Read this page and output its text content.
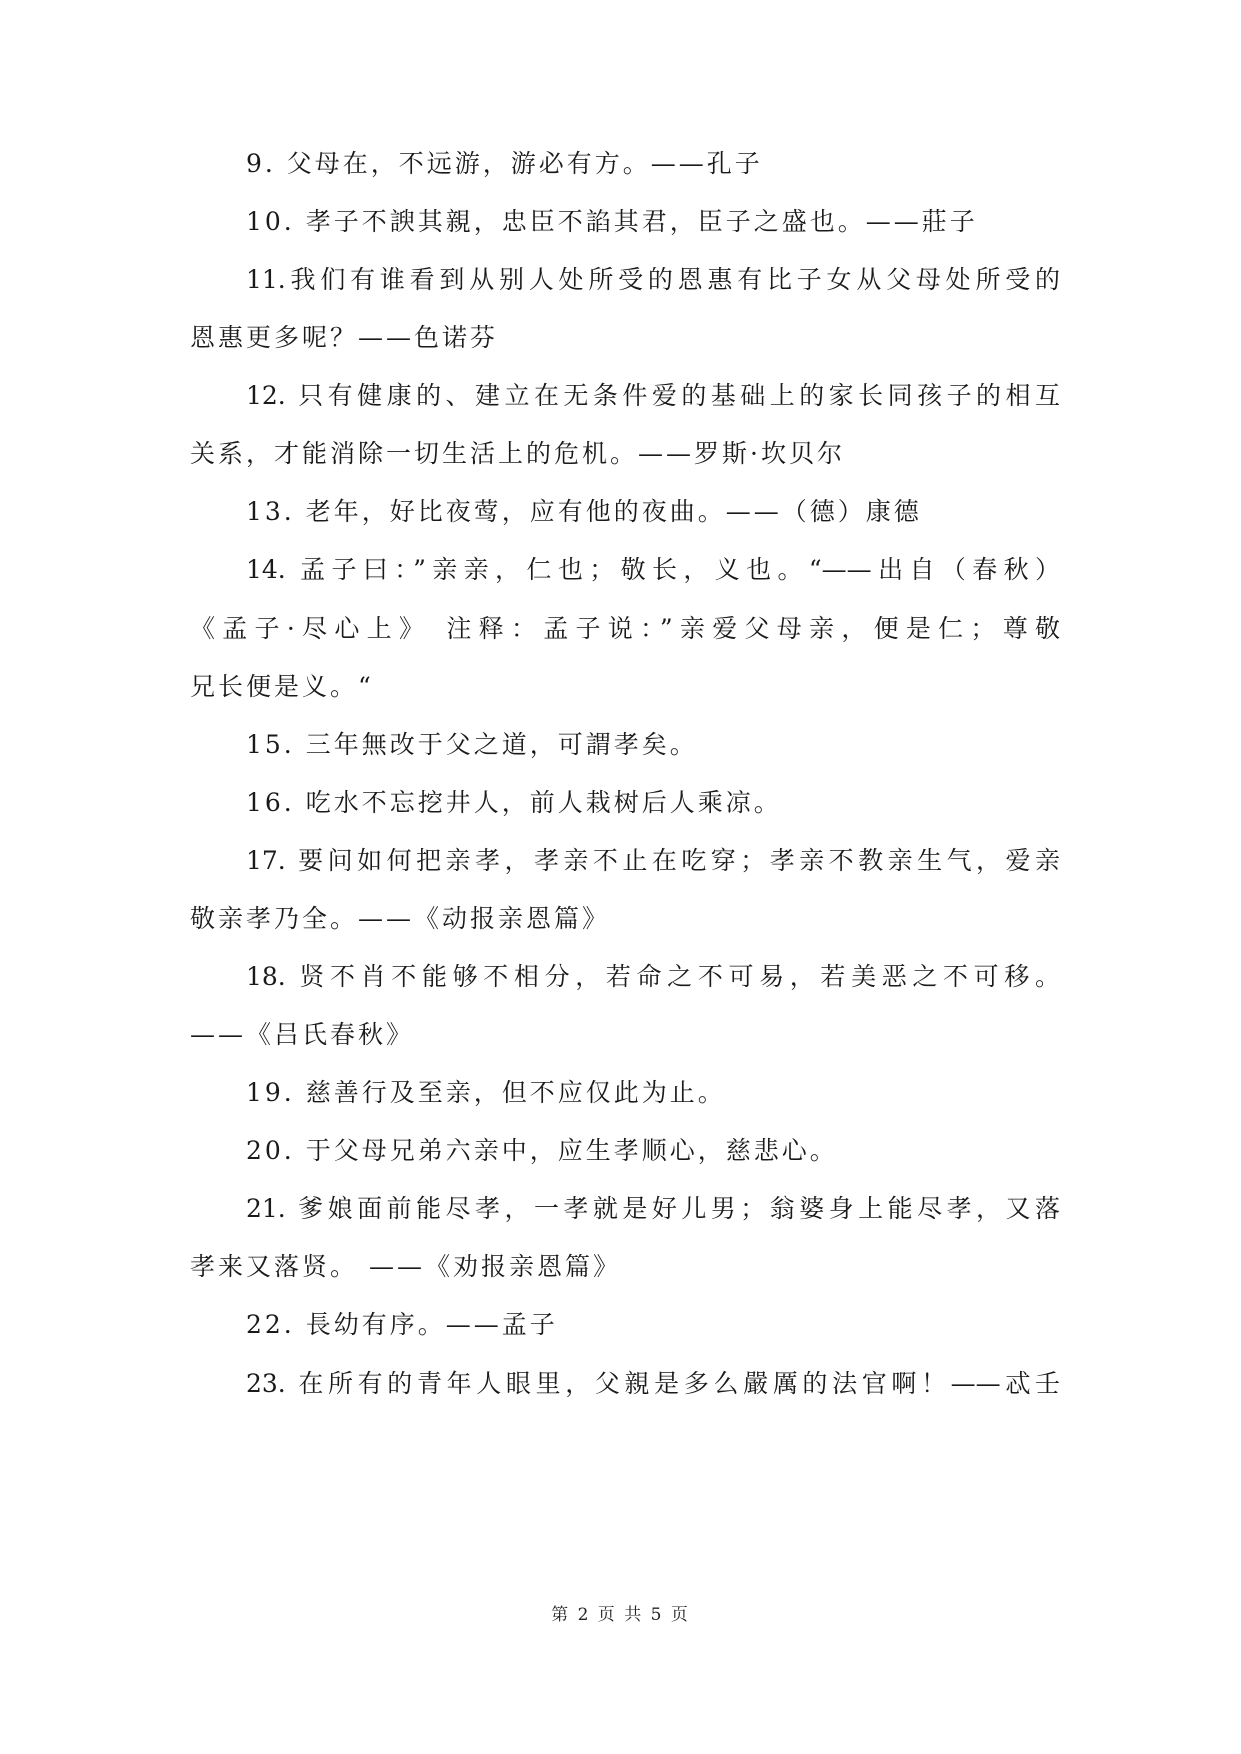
9. 父母在，不远游，游必有方。——孔子
10. 孝子不諛其親，忠臣不諂其君，臣子之盛也。——莊子
11.我们有谁看到从别人处所受的恩惠有比子女从父母处所受的
恩惠更多呢？——色诺芬
12. 只有健康的、建立在无条件爱的基础上的家长同孩子的相互
关系，才能消除一切生活上的危机。——罗斯·坎贝尔
13. 老年，好比夜莺，应有他的夜曲。——（德）康德
14. 孟子曰：”亲亲，仁也；敬长，义也。“——出自（春秋）
《孟子·尽心上》 注释：孟子说：”亲爱父母亲，便是仁；尊敬
兄长便是义。“
15. 三年無改于父之道，可謂孝矣。
16. 吃水不忘挖井人，前人栽树后人乘凉。
17. 要问如何把亲孝，孝亲不止在吃穿；孝亲不教亲生气，爱亲
敬亲孝乃全。——《动报亲恩篇》
18. 贤不肖不能够不相分，若命之不可易，若美恶之不可移。
——《吕氏春秋》
19. 慈善行及至亲，但不应仅此为止。
20. 于父母兄弟六亲中，应生孝顺心，慈悲心。
21. 爹娘面前能尽孝，一孝就是好儿男；翁婆身上能尽孝，又落
孝来又落贤。 ——《劝报亲恩篇》
22. 長幼有序。——孟子
23. 在所有的青年人眼里，父親是多么嚴厲的法官啊！——忒壬
第 2 页 共 5 页
